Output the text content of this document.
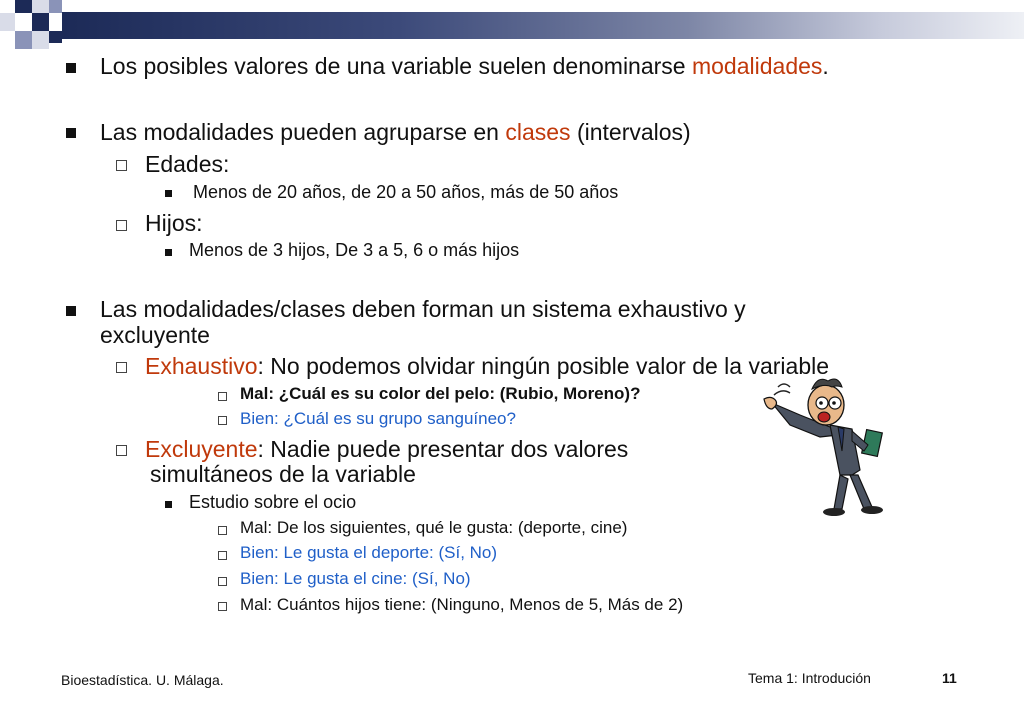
Los posibles valores de una variable suelen denominarse modalidades.
Las modalidades pueden agruparse en clases (intervalos)
Edades:
Menos de 20 años, de 20 a 50 años, más de 50 años
Hijos:
Menos de 3 hijos, De 3 a 5, 6 o más hijos
Las modalidades/clases deben forman un sistema exhaustivo y
excluyente
Exhaustivo: No podemos olvidar ningún posible valor de la variable
Mal: ¿Cuál es su color del pelo: (Rubio, Moreno)?
Bien: ¿Cuál es su grupo sanguíneo?
Excluyente: Nadie puede presentar dos valores
simultáneos de la variable
Estudio sobre el ocio
Mal: De los siguientes, qué le gusta: (deporte, cine)
Bien: Le gusta el deporte: (Sí, No)
Bien: Le gusta el cine: (Sí, No)
Mal: Cuántos hijos tiene: (Ninguno, Menos de 5, Más de 2)
Bioestadística. U. Málaga.	Tema 1: Introdución	11
